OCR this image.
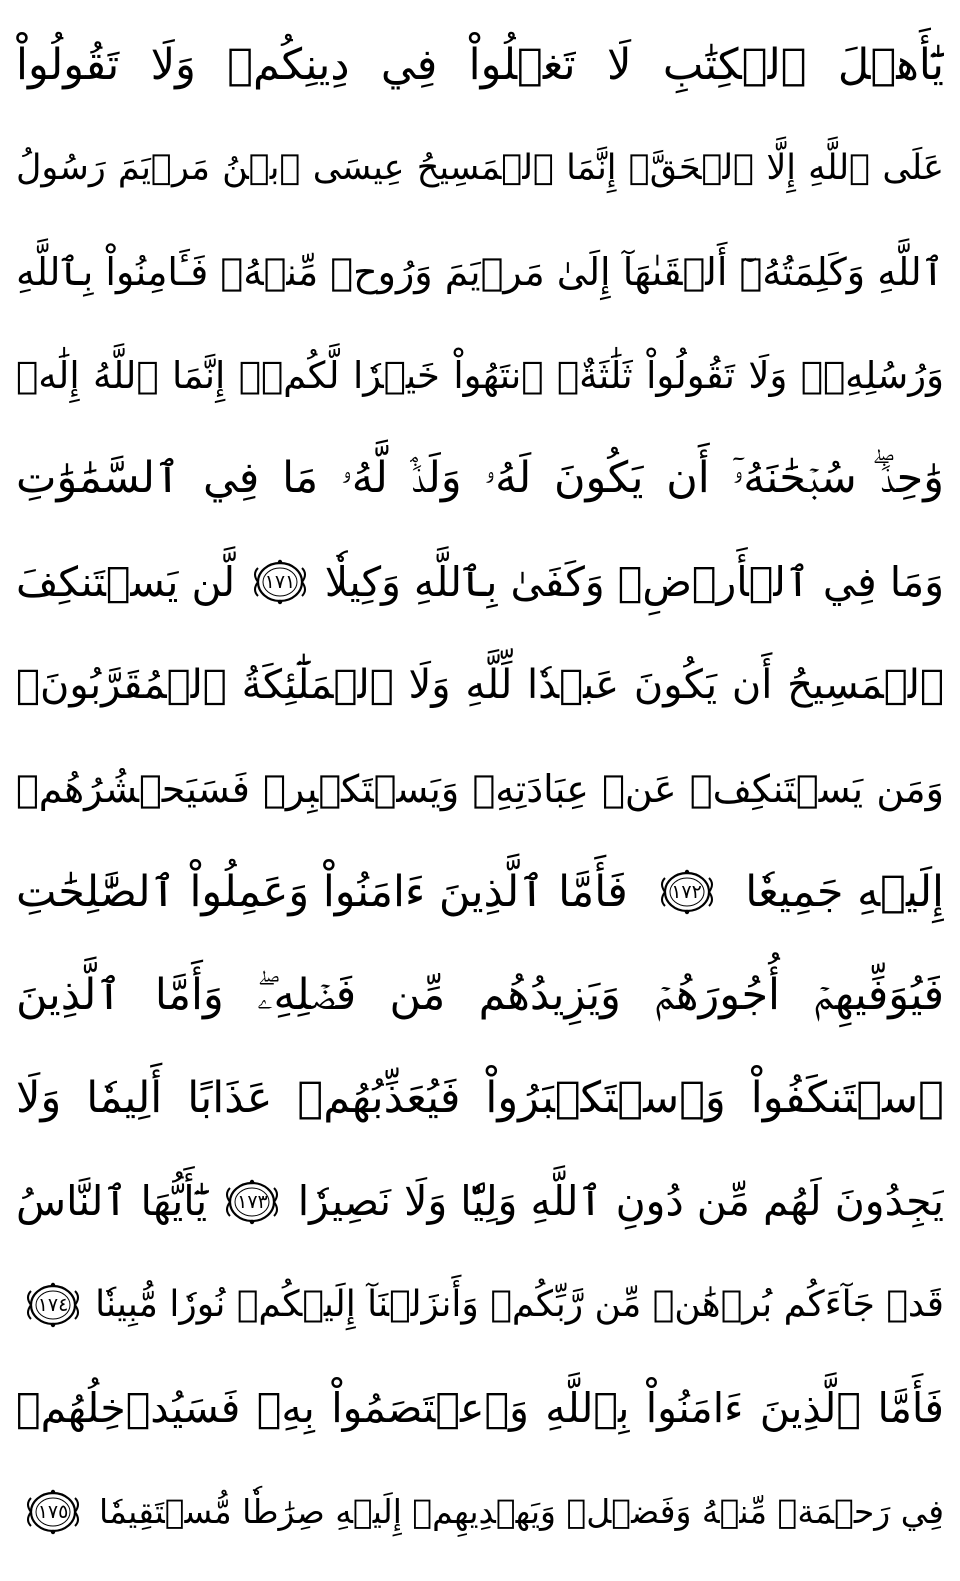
يَٰٓأَهۡلَ ٱلۡكِتَٰبِ لَا تَغۡلُواْ فِي دِينِكُمۡ وَلَا تَقُولُواْ
عَلَى ٱللَّهِ إِلَّا ٱلۡحَقَّۚ إِنَّمَا ٱلۡمَسِيحُ عِيسَى ٱبۡنُ مَرۡيَمَ رَسُولُ
ٱللَّهِ وَكَلِمَتُهُۥٓ أَلۡقَىٰهَآ إِلَىٰ مَرۡيَمَ وَرُوحٞ مِّنۡهُۖ فَـَٔامِنُواْ بِٱللَّهِ
وَرُسُلِهِۦۖ وَلَا تَقُولُواْ ثَلَٰثَةٌۚ ٱنتَهُواْ خَيۡرٗا لَّكُمۡۚ إِنَّمَا ٱللَّهُ إِلَٰهٞ
وَٰحِدٞۖ سُبۡحَٰنَهُۥٓ أَن يَكُونَ لَهُۥ وَلَدٞۘ لَّهُۥ مَا فِي ٱلسَّمَٰوَٰتِ
وَمَا فِي ٱلۡأَرۡضِۗ وَكَفَىٰ بِٱللَّهِ وَكِيلٗا
١٧١
لَّن يَسۡتَنكِفَ
ٱلۡمَسِيحُ أَن يَكُونَ عَبۡدٗا لِّلَّهِ وَلَا ٱلۡمَلَٰٓئِكَةُ ٱلۡمُقَرَّبُونَۚ
وَمَن يَسۡتَنكِفۡ عَنۡ عِبَادَتِهِۦ وَيَسۡتَكۡبِرۡ فَسَيَحۡشُرُهُمۡ
إِلَيۡهِ جَمِيعٗا
١٧٢
فَأَمَّا ٱلَّذِينَ ءَامَنُواْ وَعَمِلُواْ ٱلصَّٰلِحَٰتِ
فَيُوَفِّيهِمۡ أُجُورَهُمۡ وَيَزِيدُهُم مِّن فَضۡلِهِۦۖ وَأَمَّا ٱلَّذِينَ
ٱسۡتَنكَفُواْ وَٱسۡتَكۡبَرُواْ فَيُعَذِّبُهُمۡ عَذَابًا أَلِيمٗا وَلَا
يَجِدُونَ لَهُم مِّن دُونِ ٱللَّهِ وَلِيّٗا وَلَا نَصِيرٗا
١٧٣
يَٰٓأَيُّهَا ٱلنَّاسُ
قَدۡ جَآءَكُم بُرۡهَٰنٞ مِّن رَّبِّكُمۡ وَأَنزَلۡنَآ إِلَيۡكُمۡ نُورٗا مُّبِينٗا
١٧٤
فَأَمَّا ٱلَّذِينَ ءَامَنُواْ بِٱللَّهِ وَٱعۡتَصَمُواْ بِهِۦ فَسَيُدۡخِلُهُمۡ
فِي رَحۡمَةٖ مِّنۡهُ وَفَضۡلٖ وَيَهۡدِيهِمۡ إِلَيۡهِ صِرَٰطٗا مُّسۡتَقِيمٗا
١٧٥
